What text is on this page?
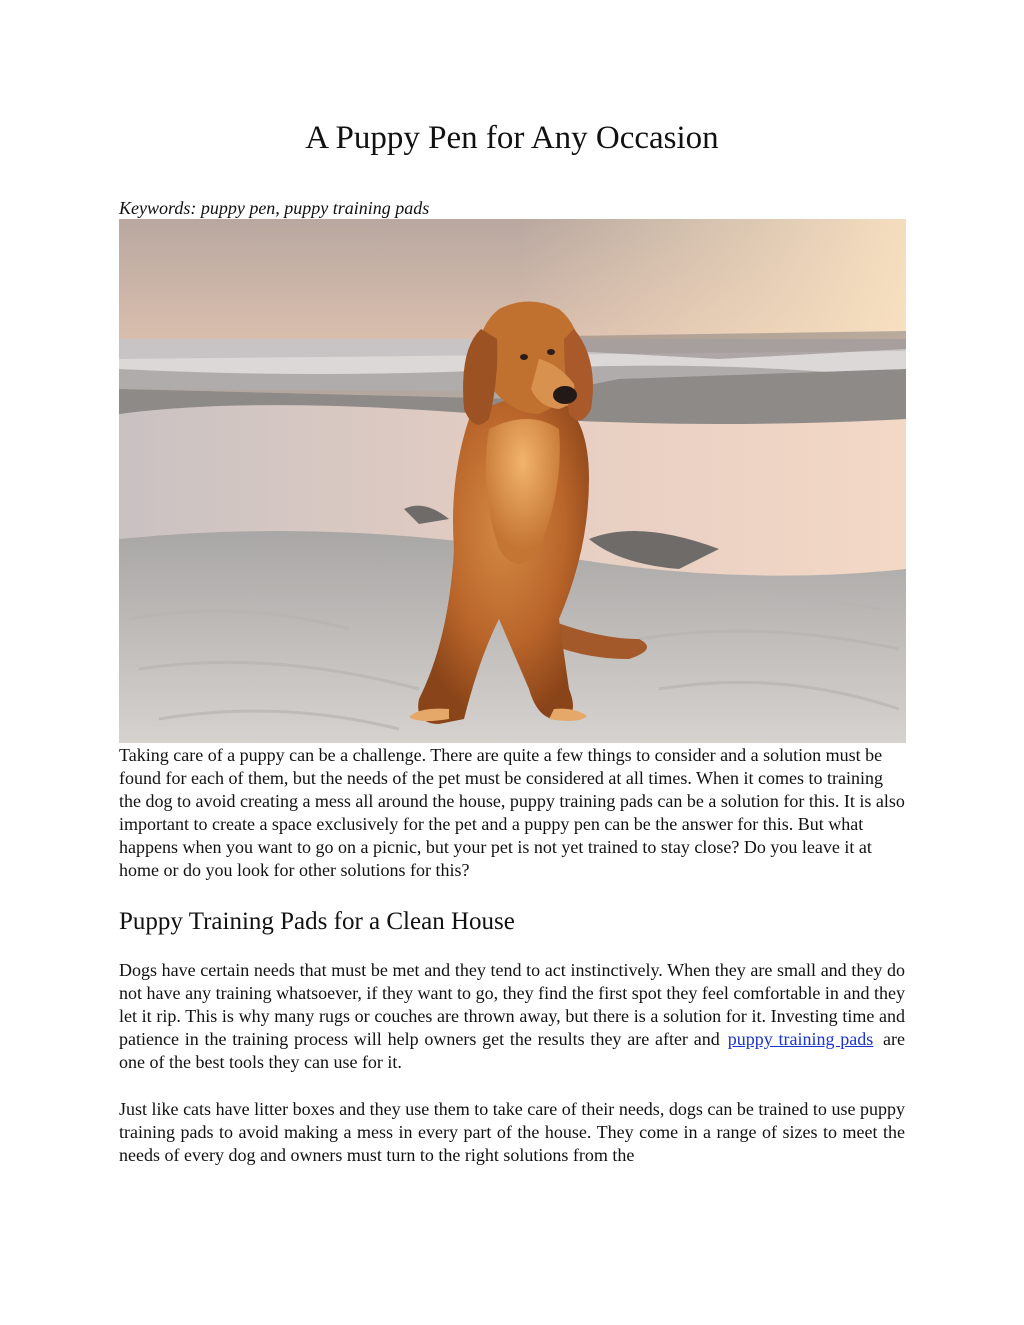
A Puppy Pen for Any Occasion
Keywords: puppy pen, puppy training pads

Taking care of a puppy can be a challenge. There are quite a few things to consider and a solution must be found for each of them, but the needs of the pet must be considered at all times. When it comes to training the dog to avoid creating a mess all around the house, puppy training pads can be a solution for this. It is also important to create a space exclusively for the pet and a puppy pen can be the answer for this. But what happens when you want to go on a picnic, but your pet is not yet trained to stay close? Do you leave it at home or do you look for other solutions for this?

Puppy Training Pads for a Clean House

Dogs have certain needs that must be met and they tend to act instinctively. When they are small and they do not have any training whatsoever, if they want to go, they find the first spot they feel comfortable in and they let it rip. This is why many rugs or couches are thrown away, but there is a solution for it. Investing time and patience in the training process will help owners get the results they are after and puppy training pads are one of the best tools they can use for it.

Just like cats have litter boxes and they use them to take care of their needs, dogs can be trained to use puppy training pads to avoid making a mess in every part of the house. They come in a range of sizes to meet the needs of every dog and owners must turn to the right solutions from the
